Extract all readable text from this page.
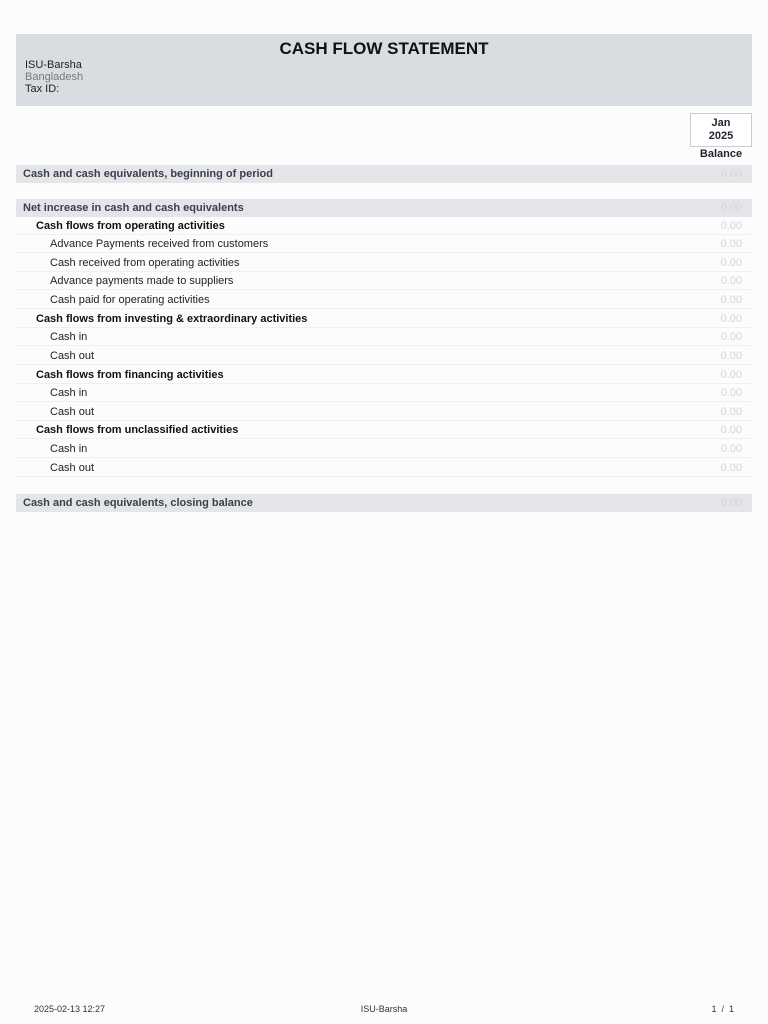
CASH FLOW STATEMENT
ISU-Barsha
Bangladesh
Tax ID:
Jan
2025
Balance
Cash and cash equivalents, beginning of period	0.00
Net increase in cash and cash equivalents	0.00
Cash flows from operating activities	0.00
Advance Payments received from customers	0.00
Cash received from operating activities	0.00
Advance payments made to suppliers	0.00
Cash paid for operating activities	0.00
Cash flows from investing & extraordinary activities	0.00
Cash in	0.00
Cash out	0.00
Cash flows from financing activities	0.00
Cash in	0.00
Cash out	0.00
Cash flows from unclassified activities	0.00
Cash in	0.00
Cash out	0.00
Cash and cash equivalents, closing balance	0.00
2025-02-13 12:27	ISU-Barsha	1  /  1
